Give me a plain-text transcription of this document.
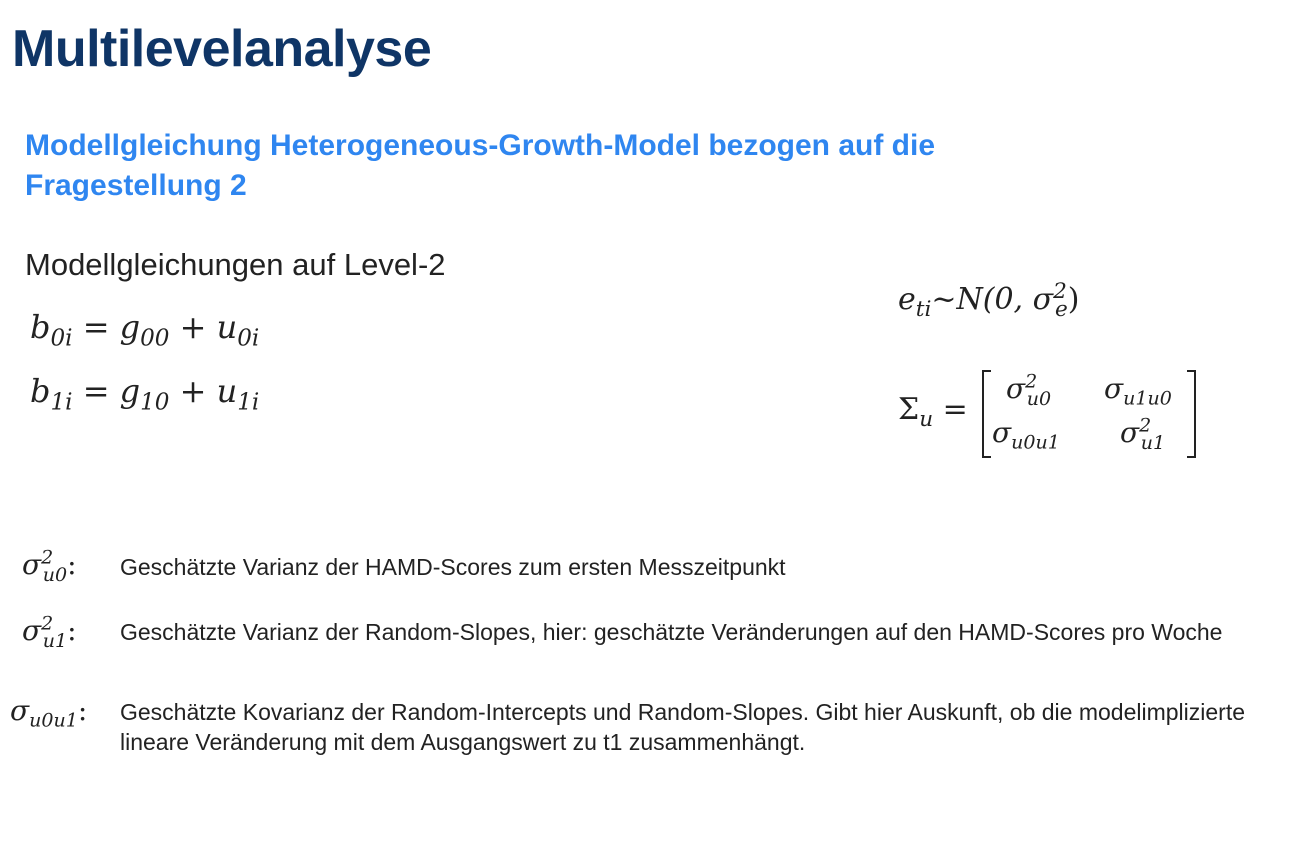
Multilevelanalyse
Modellgleichung Heterogeneous-Growth-Model bezogen auf die Fragestellung 2
Modellgleichungen auf Level-2
$b_{0i} = g_{00} + u_{0i}$
$b_{1i} = g_{10} + u_{1i}$
$e_{ti}\sim N(0$, $\sigma^2_e$)
$\Sigma_u$ =
$\sigma^2_{u0}$ $\sigma_{u1u0}$
$\sigma_{u0u1}$ $\sigma^2_{u1}$
$\sigma^2_{u0}$: Geschätzte Varianz der HAMD-Scores zum ersten Messzeitpunkt
$\sigma^2_{u1}$: Geschätzte Varianz der Random-Slopes, hier: geschätzte Veränderungen auf den HAMD-Scores pro Woche
$\sigma_{u0u1}$: Geschätzte Kovarianz der Random-Intercepts und Random-Slopes. Gibt hier Auskunft, ob die modelimplizierte lineare Veränderung mit dem Ausgangswert zu t1 zusammenhängt.
